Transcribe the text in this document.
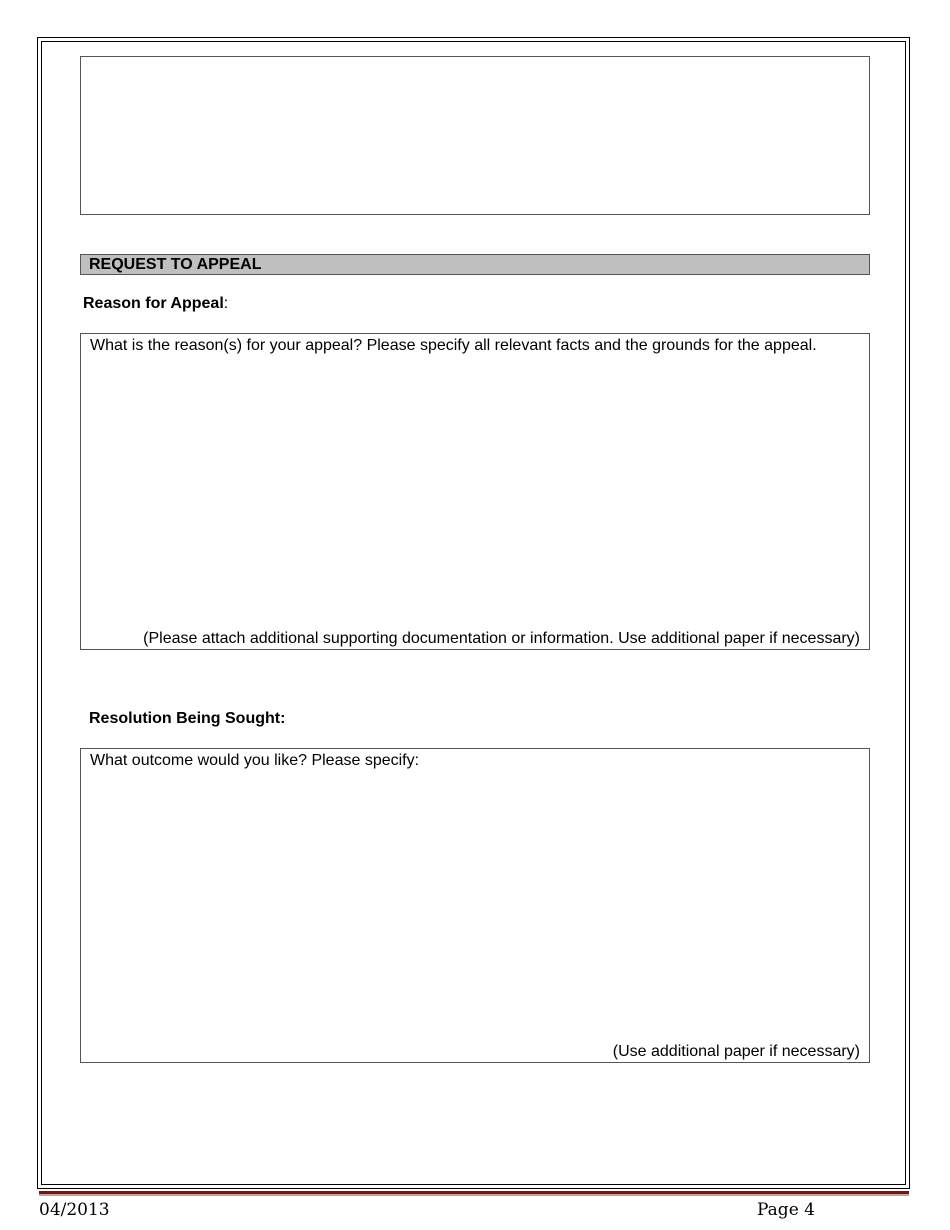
REQUEST TO APPEAL
Reason for Appeal:
What is the reason(s) for your appeal? Please specify all relevant facts and the grounds for the appeal.
(Please attach additional supporting documentation or information. Use additional paper if necessary)
Resolution Being Sought:
What outcome would you like? Please specify:
(Use additional paper if necessary)
04/2013	Page 4
